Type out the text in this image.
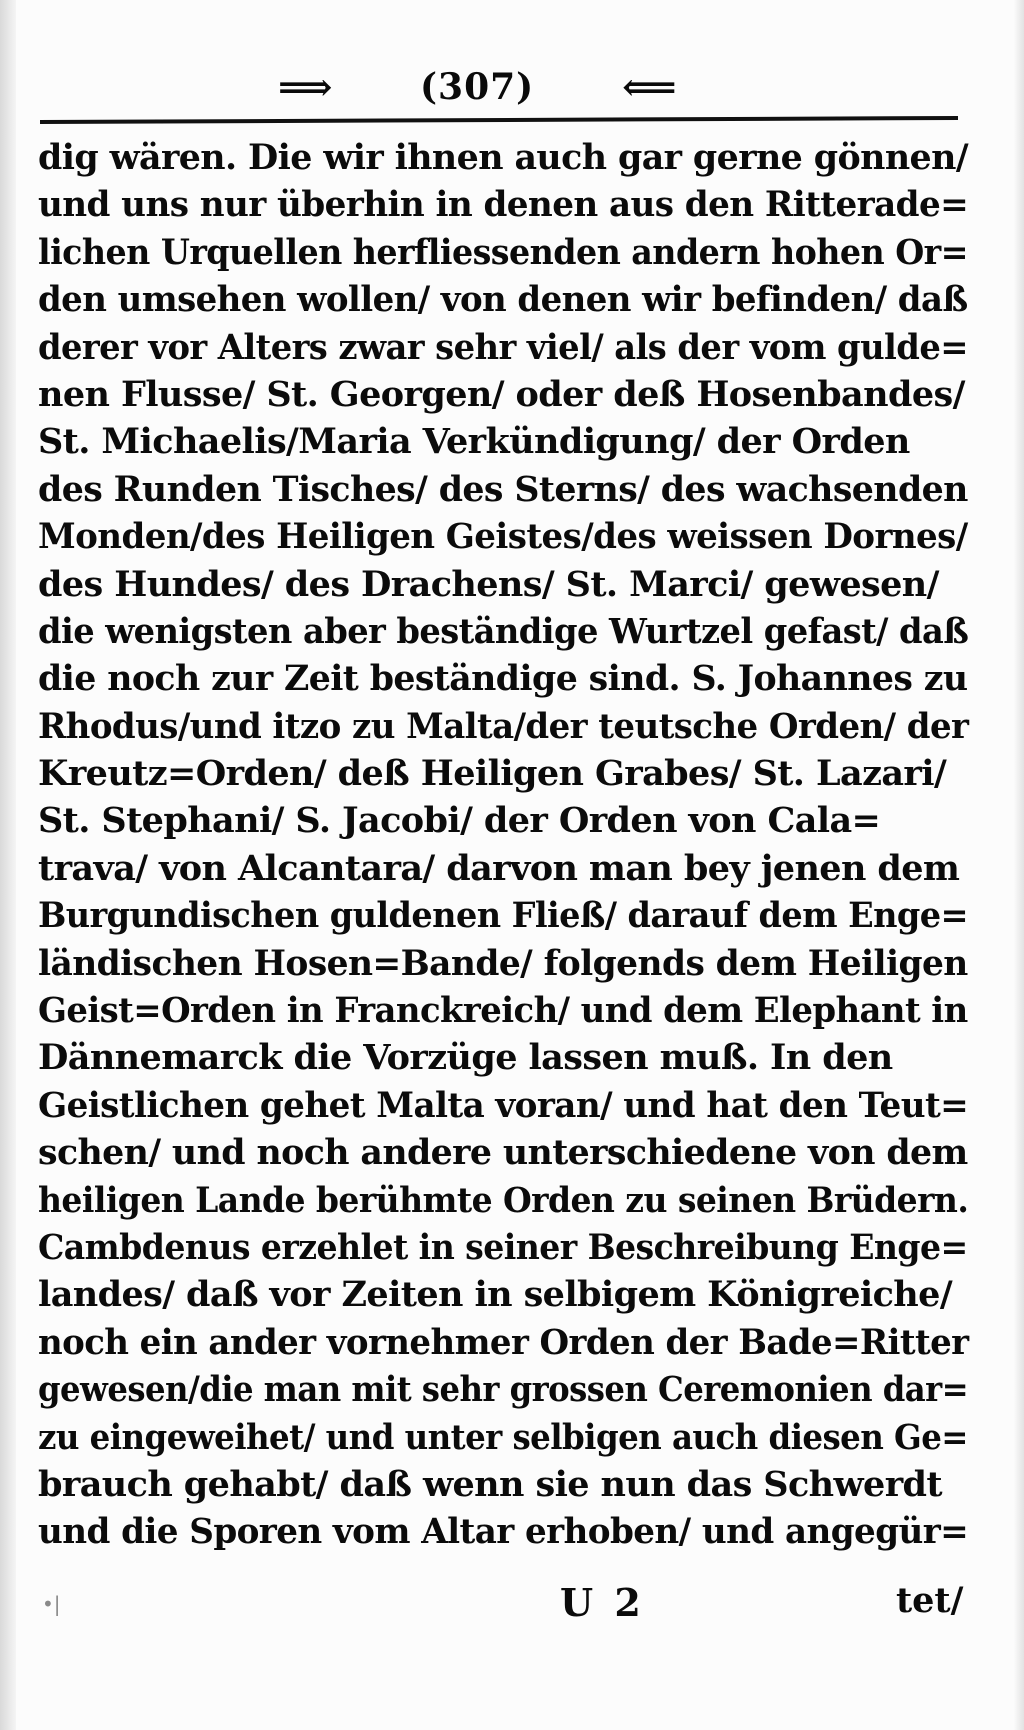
⟹ (307) ⟸
dig wären. Die wir ihnen auch gar gerne gönnen/
und uns nur überhin in denen aus den Ritterade=
lichen Urquellen herfliessenden andern hohen Or=
den umsehen wollen/ von denen wir befinden/ daß
derer vor Alters zwar sehr viel/ als der vom gulde=
nen Flusse/ St. Georgen/ oder deß Hosenbandes/
St. Michaelis/Maria Verkündigung/ der Orden
des Runden Tisches/ des Sterns/ des wachsenden
Monden/des Heiligen Geistes/des weissen Dornes/
des Hundes/ des Drachens/ St. Marci/ gewesen/
die wenigsten aber beständige Wurtzel gefast/ daß
die noch zur Zeit beständige sind. S. Johannes zu
Rhodus/und itzo zu Malta/der teutsche Orden/ der
Kreutz=Orden/ deß Heiligen Grabes/ St. Lazari/
St. Stephani/ S. Jacobi/ der Orden von Cala=
trava/ von Alcantara/ darvon man bey jenen dem
Burgundischen guldenen Fließ/ darauf dem Enge=
ländischen Hosen=Bande/ folgends dem Heiligen
Geist=Orden in Franckreich/ und dem Elephant in
Dännemarck die Vorzüge lassen muß. In den
Geistlichen gehet Malta voran/ und hat den Teut=
schen/ und noch andere unterschiedene von dem
heiligen Lande berühmte Orden zu seinen Brüdern.
Cambdenus erzehlet in seiner Beschreibung Enge=
landes/ daß vor Zeiten in selbigem Königreiche/
noch ein ander vornehmer Orden der Bade=Ritter
gewesen/die man mit sehr grossen Ceremonien dar=
zu eingeweihet/ und unter selbigen auch diesen Ge=
brauch gehabt/ daß wenn sie nun das Schwerdt
und die Sporen vom Altar erhoben/ und angegür=
U 2	tet/
•|
